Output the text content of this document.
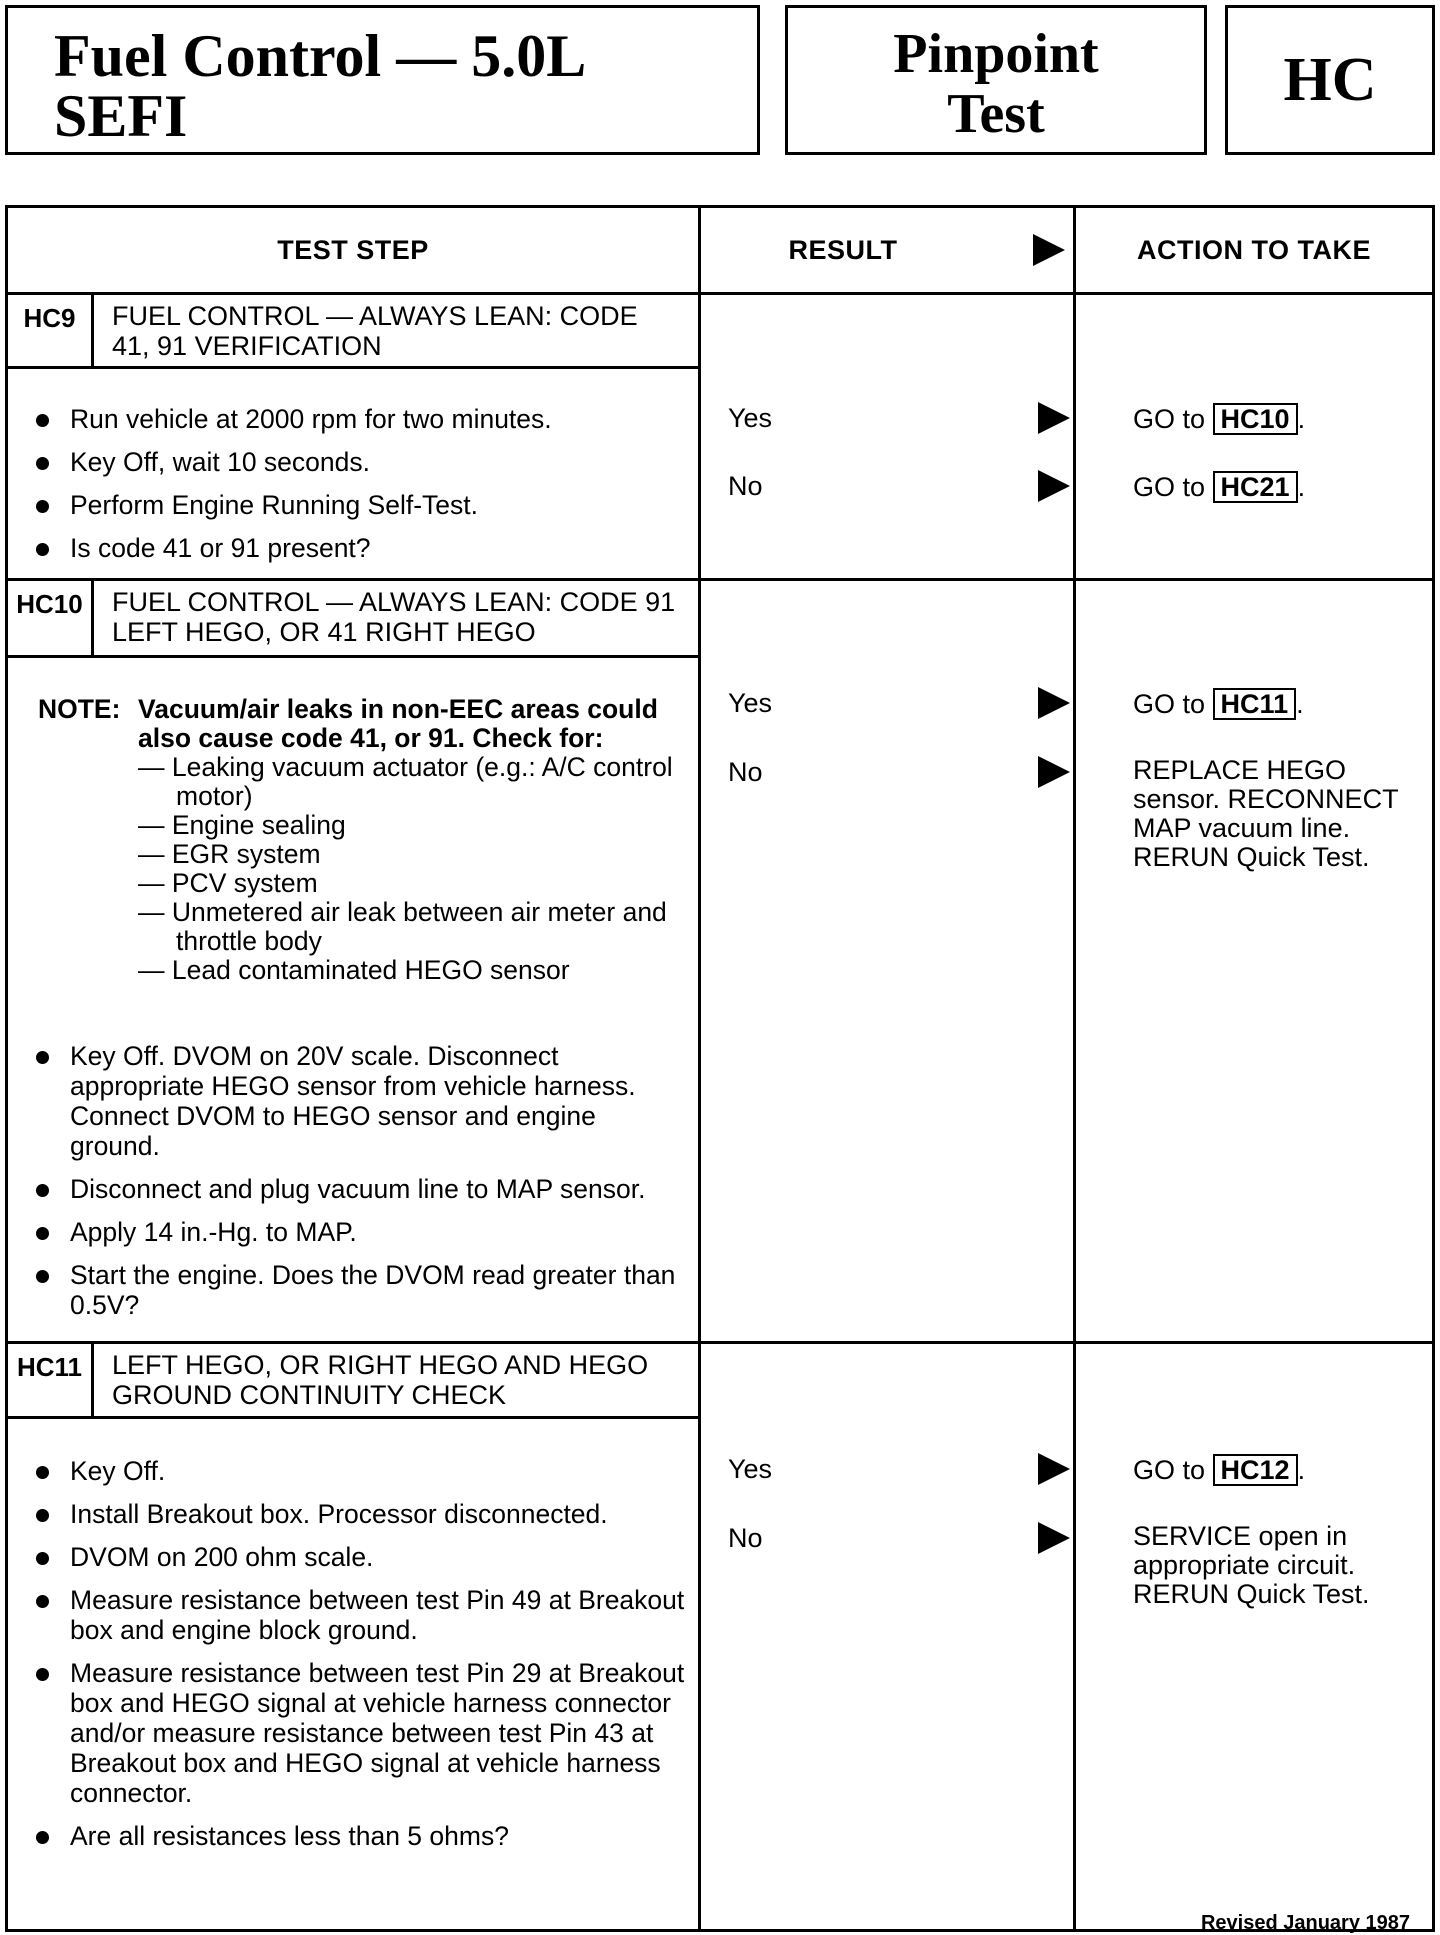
Fuel Control — 5.0L
SEFI
Pinpoint
Test
HC
TEST STEP	RESULT	ACTION TO TAKE
HC9	FUEL CONTROL — ALWAYS LEAN: CODE 41, 91 VERIFICATION
Run vehicle at 2000 rpm for two minutes.
Key Off, wait 10 seconds.
Perform Engine Running Self-Test.
Is code 41 or 91 present?
Yes	GO to HC10 .
No	GO to HC21 .
HC10	FUEL CONTROL — ALWAYS LEAN: CODE 91 LEFT HEGO, OR 41 RIGHT HEGO
NOTE: Vacuum/air leaks in non-EEC areas could also cause code 41, or 91. Check for:
— Leaking vacuum actuator (e.g.: A/C control motor)
— Engine sealing
— EGR system
— PCV system
— Unmetered air leak between air meter and throttle body
— Lead contaminated HEGO sensor
Key Off. DVOM on 20V scale. Disconnect appropriate HEGO sensor from vehicle harness. Connect DVOM to HEGO sensor and engine ground.
Disconnect and plug vacuum line to MAP sensor.
Apply 14 in.-Hg. to MAP.
Start the engine. Does the DVOM read greater than 0.5V?
Yes	GO to HC11 .
No	REPLACE HEGO sensor. RECONNECT MAP vacuum line. RERUN Quick Test.
HC11	LEFT HEGO, OR RIGHT HEGO AND HEGO GROUND CONTINUITY CHECK
Key Off.
Install Breakout box. Processor disconnected.
DVOM on 200 ohm scale.
Measure resistance between test Pin 49 at Breakout box and engine block ground.
Measure resistance between test Pin 29 at Breakout box and HEGO signal at vehicle harness connector and/or measure resistance between test Pin 43 at Breakout box and HEGO signal at vehicle harness connector.
Are all resistances less than 5 ohms?
Yes	GO to HC12 .
No	SERVICE open in appropriate circuit. RERUN Quick Test.
Revised January 1987
